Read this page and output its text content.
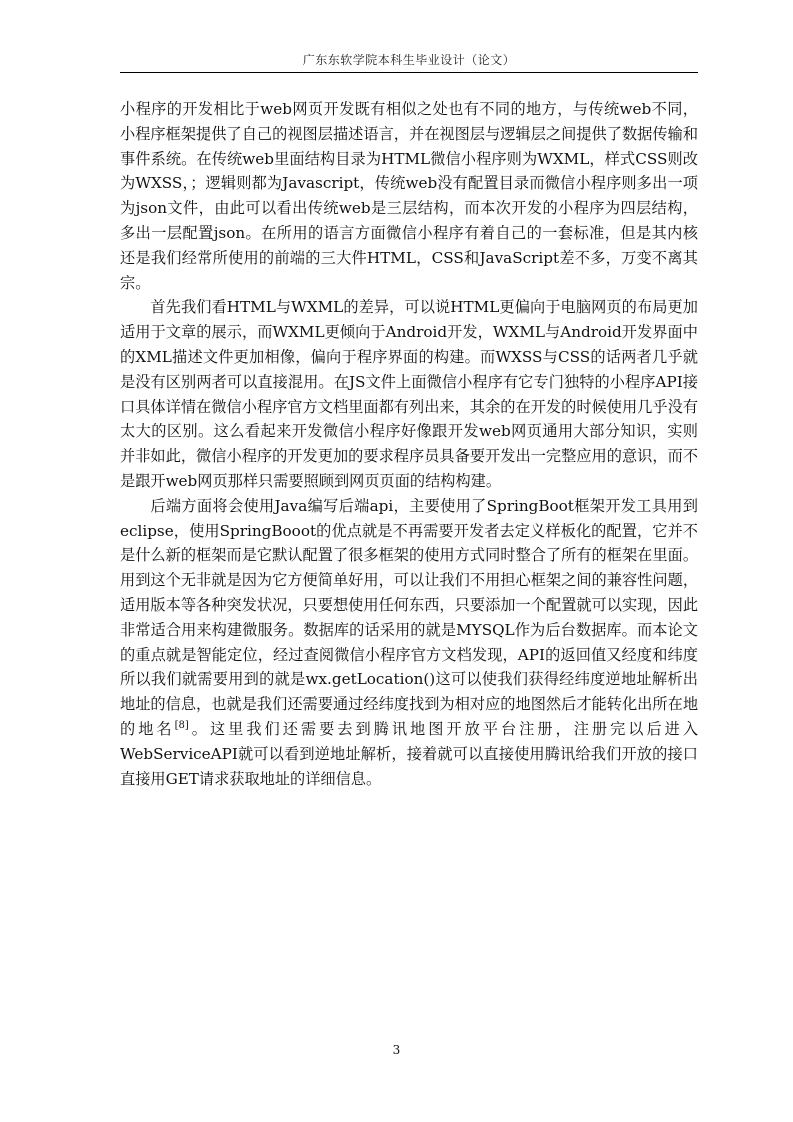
广东东软学院本科生毕业设计（论文）

小程序的开发相比于web网页开发既有相似之处也有不同的地方，与传统web不同，小程序框架提供了自己的视图层描述语言，并在视图层与逻辑层之间提供了数据传输和事件系统。在传统web里面结构目录为HTML微信小程序则为WXML，样式CSS则改为WXSS，；逻辑则都为Javascript，传统web没有配置目录而微信小程序则多出一项为json文件，由此可以看出传统web是三层结构，而本次开发的小程序为四层结构，多出一层配置json。在所用的语言方面微信小程序有着自己的一套标准，但是其内核还是我们经常所使用的前端的三大件HTML，CSS和JavaScript差不多，万变不离其宗。

首先我们看HTML与WXML的差异，可以说HTML更偏向于电脑网页的布局更加适用于文章的展示，而WXML更倾向于Android开发，WXML与Android开发界面中的XML描述文件更加相像，偏向于程序界面的构建。而WXSS与CSS的话两者几乎就是没有区别两者可以直接混用。在JS文件上面微信小程序有它专门独特的小程序API接口具体详情在微信小程序官方文档里面都有列出来，其余的在开发的时候使用几乎没有太大的区别。这么看起来开发微信小程序好像跟开发web网页通用大部分知识，实则并非如此，微信小程序的开发更加的要求程序员具备要开发出一完整应用的意识，而不是跟开web网页那样只需要照顾到网页页面的结构构建。

后端方面将会使用Java编写后端api，主要使用了SpringBoot框架开发工具用到eclipse，使用SpringBooot的优点就是不再需要开发者去定义样板化的配置，它并不是什么新的框架而是它默认配置了很多框架的使用方式同时整合了所有的框架在里面。用到这个无非就是因为它方便简单好用，可以让我们不用担心框架之间的兼容性问题，适用版本等各种突发状况，只要想使用任何东西，只要添加一个配置就可以实现，因此非常适合用来构建微服务。数据库的话采用的就是MYSQL作为后台数据库。而本论文的重点就是智能定位，经过查阅微信小程序官方文档发现，API的返回值又经度和纬度所以我们就需要用到的就是wx.getLocation()这可以使我们获得经纬度逆地址解析出地址的信息，也就是我们还需要通过经纬度找到为相对应的地图然后才能转化出所在地的地名[8]。这里我们还需要去到腾讯地图开放平台注册，注册完以后进入WebServiceAPI就可以看到逆地址解析，接着就可以直接使用腾讯给我们开放的接口直接用GET请求获取地址的详细信息。

3
